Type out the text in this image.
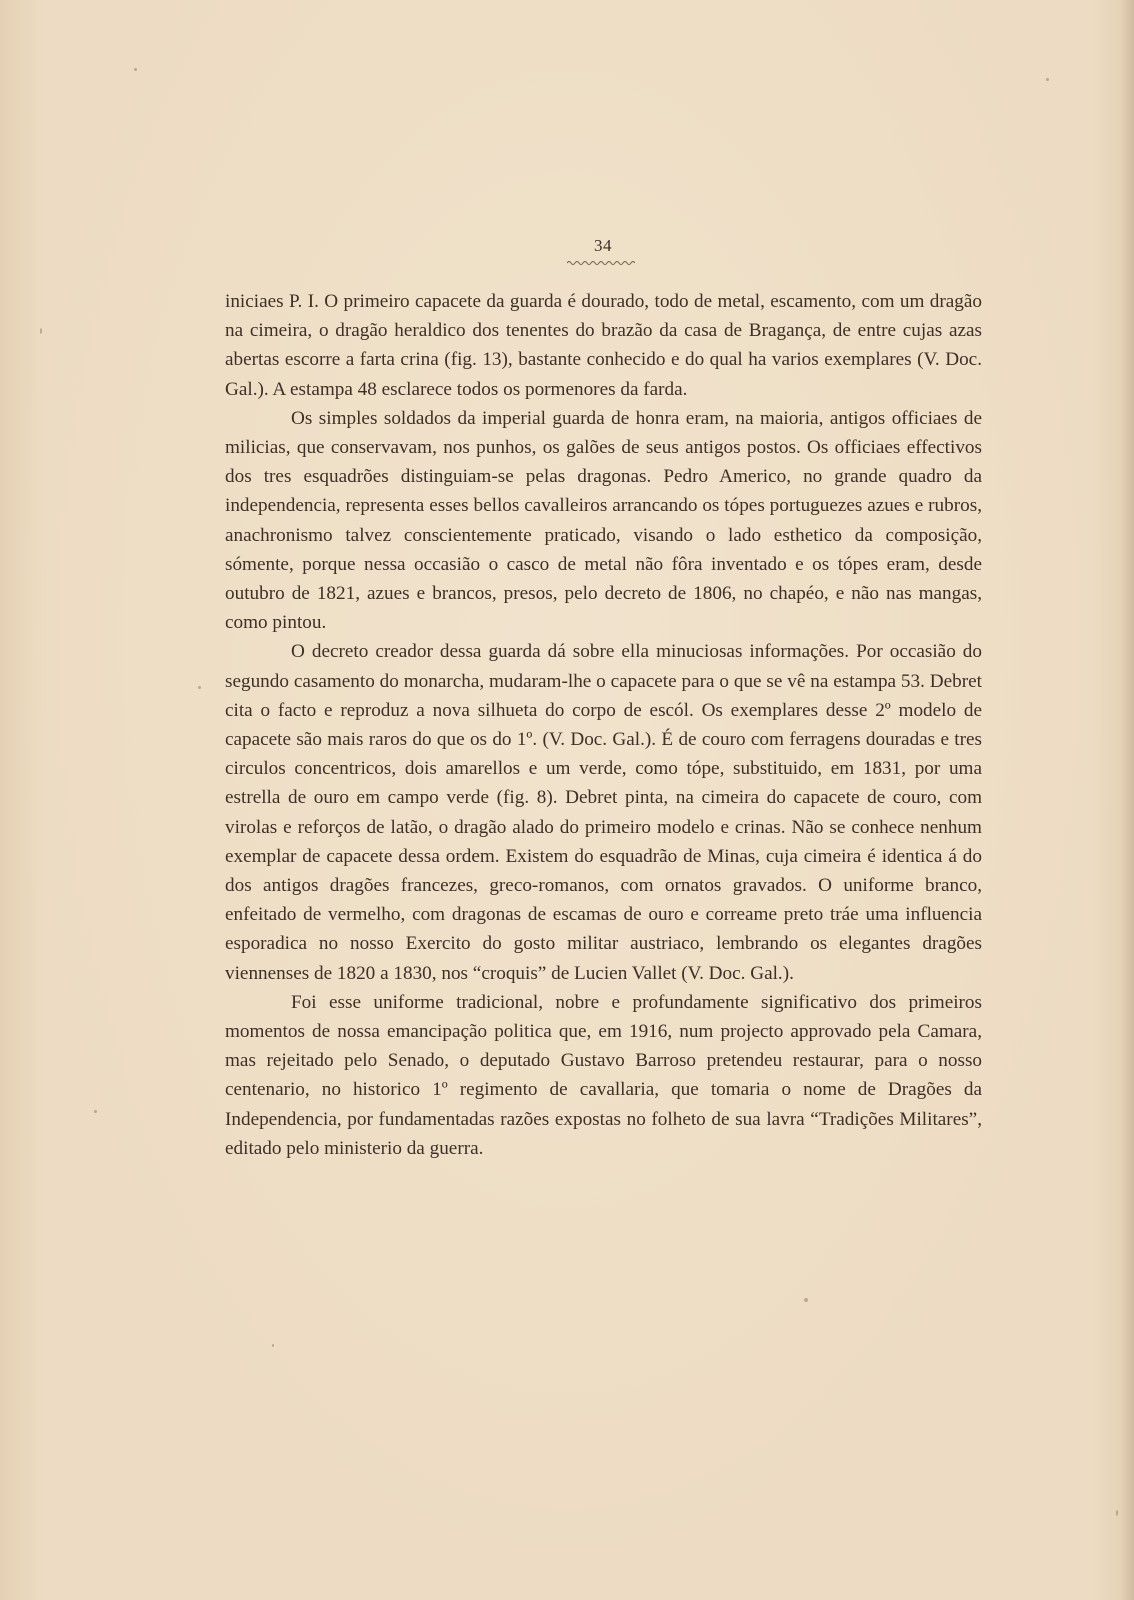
34

iniciaes P. I. O primeiro capacete da guarda é dourado, todo de metal, escamento, com um dragão na cimeira, o dragão heraldico dos tenentes do brazão da casa de Bragança, de entre cujas azas abertas escorre a farta crina (fig. 13), bastante conhecido e do qual ha varios exemplares (V. Doc. Gal.). A estampa 48 esclarece todos os pormenores da farda.

Os simples soldados da imperial guarda de honra eram, na maioria, antigos officiaes de milicias, que conservavam, nos punhos, os galões de seus antigos postos. Os officiaes effectivos dos tres esquadrões distinguiam-se pelas dragonas. Pedro Americo, no grande quadro da independencia, representa esses bellos cavalleiros arrancando os tópes portuguezes azues e rubros, anachronismo talvez conscientemente praticado, visando o lado esthetico da composição, sómente, porque nessa occasião o casco de metal não fôra inventado e os tópes eram, desde outubro de 1821, azues e brancos, presos, pelo decreto de 1806, no chapéo, e não nas mangas, como pintou.

O decreto creador dessa guarda dá sobre ella minuciosas informações. Por occasião do segundo casamento do monarcha, mudaram-lhe o capacete para o que se vê na estampa 53. Debret cita o facto e reproduz a nova silhueta do corpo de escól. Os exemplares desse 2º modelo de capacete são mais raros do que os do 1º. (V. Doc. Gal.). É de couro com ferragens douradas e tres circulos concentricos, dois amarellos e um verde, como tópe, substituido, em 1831, por uma estrella de ouro em campo verde (fig. 8). Debret pinta, na cimeira do capacete de couro, com virolas e reforços de latão, o dragão alado do primeiro modelo e crinas. Não se conhece nenhum exemplar de capacete dessa ordem. Existem do esquadrão de Minas, cuja cimeira é identica á do dos antigos dragões francezes, greco-romanos, com ornatos gravados. O uniforme branco, enfeitado de vermelho, com dragonas de escamas de ouro e correame preto tráe uma influencia esporadica no nosso Exercito do gosto militar austriaco, lembrando os elegantes dragões viennenses de 1820 a 1830, nos “croquis” de Lucien Vallet (V. Doc. Gal.).

Foi esse uniforme tradicional, nobre e profundamente significativo dos primeiros momentos de nossa emancipação politica que, em 1916, num projecto approvado pela Camara, mas rejeitado pelo Senado, o deputado Gustavo Barroso pretendeu restaurar, para o nosso centenario, no historico 1º regimento de cavallaria, que tomaria o nome de Dragões da Independencia, por fundamentadas razões expostas no folheto de sua lavra “Tradições Militares”, editado pelo ministerio da guerra.
